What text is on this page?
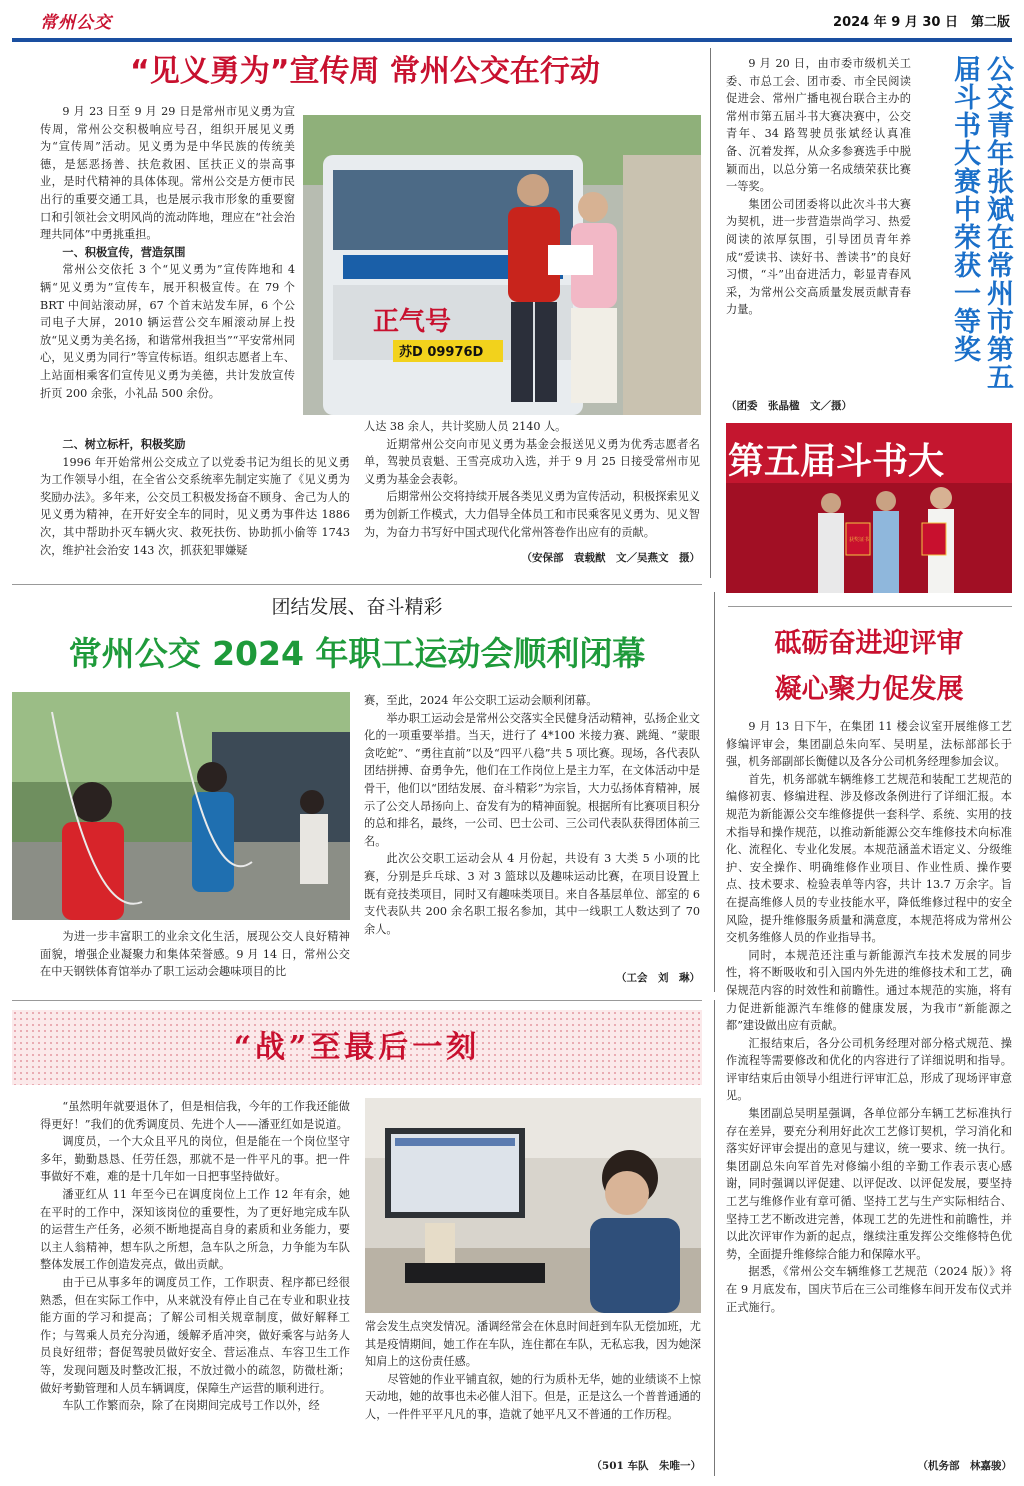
常州公交	2024 年 9 月 30 日　第二版
“见义勇为”宣传周 常州公交在行动

9 月 23 日至 9 月 29 日是常州市见义勇为宣传周，常州公交积极响应号召，组织开展见义勇为“宣传周”活动。见义勇为是中华民族的传统美德，是惩恶扬善、扶危救困、匡扶正义的崇高事业，是时代精神的具体体现。常州公交是方便市民出行的重要交通工具，也是展示我市形象的重要窗口和引领社会文明风尚的流动阵地，理应在“社会治理共同体”中勇挑重担。

一、积极宣传，营造氛围

常州公交依托 3 个“见义勇为”宣传阵地和 4 辆“见义勇为”宣传车，展开积极宣传。在 79 个 BRT 中间站滚动屏，67 个首末站发车屏，6 个公司电子大屏，2010 辆运营公交车厢滚动屏上投放“见义勇为美名扬，和谐常州我担当”“平安常州同心，见义勇为同行”等宣传标语。组织志愿者上车、上站面相乘客们宣传见义勇为美德，共计发放宣传折页 200 余张，小礼品 500 余份。

二、树立标杆，积极奖励

1996 年开始常州公交成立了以党委书记为组长的见义勇为工作领导小组，在全省公交系统率先制定实施了《见义勇为奖励办法》。多年来，公交员工积极发扬奋不顾身、舍己为人的见义勇为精神，在开好安全车的同时，见义勇为事件达 1886 次，其中帮助扑灭车辆火灾、救死扶伤、协助抓小偷等 1743 次，维护社会治安 143 次，抓获犯罪嫌疑

人达 38 余人，共计奖励人员 2140 人。

近期常州公交向市见义勇为基金会报送见义勇为优秀志愿者名单，驾驶员袁魁、王雪亮成功入选，并于 9 月 25 日接受常州市见义勇为基金会表彰。

后期常州公交将持续开展各类见义勇为宣传活动，积极探索见义勇为创新工作模式，大力倡导全体员工和市民乘客见义勇为、见义智为，为奋力书写好中国式现代化常州答卷作出应有的贡献。

（安保部　袁载猷　文／吴燕文　摄）
正气号
苏D 09976D

9 月 20 日，由市委市级机关工委、市总工会、团市委、市全民阅读促进会、常州广播电视台联合主办的常州市第五届斗书大赛决赛中，公交青年、34 路驾驶员张斌经认真准备、沉着发挥，从众多参赛选手中脱颖而出，以总分第一名成绩荣获比赛一等奖。

集团公司团委将以此次斗书大赛为契机，进一步营造崇尚学习、热爱阅读的浓厚氛围，引导团员青年养成“爱读书、读好书、善读书”的良好习惯，“斗”出奋进活力，彰显青春风采，为常州公交高质量发展贡献青春力量。	公交青年张斌在常州市第五届斗书大赛中荣获一等奖
（团委　张晶楹　文／摄）
第五届斗书大
获奖证书
团结发展、奋斗精彩
常州公交 2024 年职工运动会顺利闭幕

为进一步丰富职工的业余文化生活，展现公交人良好精神面貌，增强企业凝聚力和集体荣誉感。9 月 14 日，常州公交在中天钢铁体育馆举办了职工运动会趣味项目的比

赛，至此，2024 年公交职工运动会顺利闭幕。

举办职工运动会是常州公交落实全民健身活动精神，弘扬企业文化的一项重要举措。当天，进行了 4*100 米接力赛、跳绳、“蒙眼贪吃蛇”、“勇往直前”以及“四平八稳”共 5 项比赛。现场，各代表队团结拼搏、奋勇争先，他们在工作岗位上是主力军，在文体活动中是骨干，他们以“团结发展、奋斗精彩”为宗旨，大力弘扬体育精神，展示了公交人昂扬向上、奋发有为的精神面貌。根据所有比赛项目积分的总和排名，最终，一公司、巴士公司、三公司代表队获得团体前三名。

此次公交职工运动会从 4 月份起，共设有 3 大类 5 小项的比赛，分别是乒乓球、3 对 3 篮球以及趣味运动比赛，在项目设置上既有竞技类项目，同时又有趣味类项目。来自各基层单位、部室的 6 支代表队共 200 余名职工报名参加，其中一线职工人数达到了 70 余人。

（工会　刘　琳）
“战”至最后一刻

“虽然明年就要退休了，但是相信我，今年的工作我还能做得更好！”我们的优秀调度员、先进个人——潘亚红如是说道。

调度员，一个大众且平凡的岗位，但是能在一个岗位坚守多年，勤勤恳恳、任劳任怨，那就不是一件平凡的事。把一件事做好不难，难的是十几年如一日把事坚持做好。

潘亚红从 11 年至今已在调度岗位上工作 12 年有余，她在平时的工作中，深知该岗位的重要性，为了更好地完成车队的运营生产任务，必须不断地提高自身的素质和业务能力，要以主人翁精神，想车队之所想，急车队之所急，力争能为车队整体发展工作创造发亮点，做出贡献。

由于已从事多年的调度员工作，工作职责、程序都已经很熟悉，但在实际工作中，从来就没有停止自己在专业和职业技能方面的学习和提高；了解公司相关规章制度，做好解释工作；与驾乘人员充分沟通，缓解矛盾冲突，做好乘客与站务人员良好纽带；督促驾驶员做好安全、营运准点、车容卫生工作等，发现问题及时整改汇报，不放过微小的疏忽，防微杜渐；做好考勤管理和人员车辆调度，保障生产运营的顺利进行。

车队工作繁而杂，除了在岗期间完成号工作以外，经

常会发生点突发情况。潘调经常会在休息时间赶到车队无偿加班，尤其是疫情期间，她工作在车队，连住都在车队，无私忘我，因为她深知肩上的这份责任感。

尽管她的作业平铺直叙，她的行为质朴无华，她的业绩谈不上惊天动地，她的故事也未必催人泪下。但是，正是这么一个普普通通的人，一件件平平凡凡的事，造就了她平凡又不普通的工作历程。

（501 车队　朱唯一）
砥砺奋进迎评审
凝心聚力促发展

9 月 13 日下午，在集团 11 楼会议室开展维修工艺修编评审会，集团副总朱向军、吴明星，法标部部长于强，机务部副部长衡健以及各分公司机务经理参加会议。

首先，机务部就车辆维修工艺规范和装配工艺规范的编修初衷、修编进程、涉及修改条例进行了详细汇报。本规范为新能源公交车维修提供一套科学、系统、实用的技术指导和操作规范，以推动新能源公交车维修技术向标准化、流程化、专业化发展。本规范涵盖术语定义、分级维护、安全操作、明确维修作业项目、作业性质、操作要点、技术要求、检验表单等内容，共计 13.7 万余字。旨在提高维修人员的专业技能水平，降低维修过程中的安全风险，提升维修服务质量和满意度，本规范将成为常州公交机务维修人员的作业指导书。

同时，本规范还注重与新能源汽车技术发展的同步性，将不断吸收和引入国内外先进的维修技术和工艺，确保规范内容的时效性和前瞻性。通过本规范的实施，将有力促进新能源汽车维修的健康发展，为我市“新能源之都”建设做出应有贡献。

汇报结束后，各分公司机务经理对部分格式规范、操作流程等需要修改和优化的内容进行了详细说明和指导。评审结束后由领导小组进行评审汇总，形成了现场评审意见。

集团副总吴明星强调，各单位部分车辆工艺标准执行存在差异，要充分利用好此次工艺修订契机，学习消化和落实好评审会提出的意见与建议，统一要求、统一执行。集团副总朱向军首先对修编小组的辛勤工作表示衷心感谢，同时强调以评促建、以评促改、以评促发展，要坚持工艺与维修作业有章可循、坚持工艺与生产实际相结合、坚持工艺不断改进完善，体现工艺的先进性和前瞻性，并以此次评审作为新的起点，继续注重发挥公交维修特色优势，全面提升维修综合能力和保障水平。

据悉，《常州公交车辆维修工艺规范（2024 版）》将在 9 月底发布，国庆节后在三公司维修车间开发布仪式并正式施行。

（机务部　林嘉骏）
